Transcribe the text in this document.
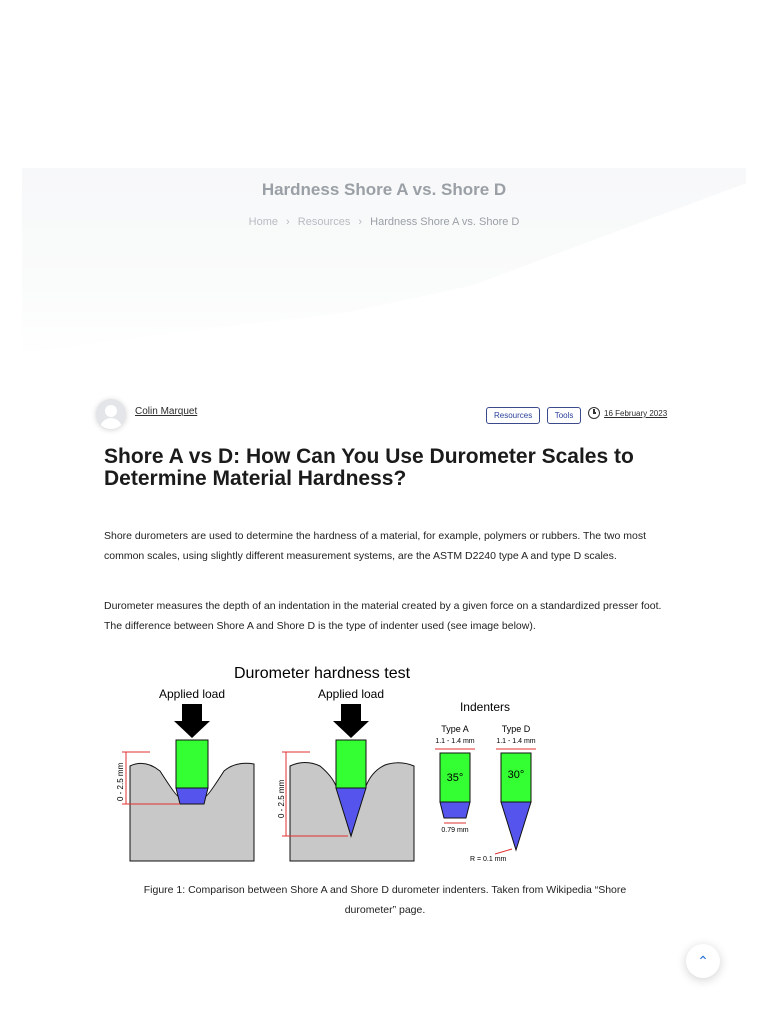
Hardness Shore A vs. Shore D
Home › Resources › Hardness Shore A vs. Shore D
Colin Marquet	Resources	Tools	16 February 2023
Shore A vs D: How Can You Use Durometer Scales to Determine Material Hardness?
Shore durometers are used to determine the hardness of a material, for example, polymers or rubbers. The two most common scales, using slightly different measurement systems, are the ASTM D2240 type A and type D scales.
Durometer measures the depth of an indentation in the material created by a given force on a standardized presser foot. The difference between Shore A and Shore D is the type of indenter used (see image below).
Durometer hardness test
Applied load	Applied load
Indenters
0 - 2.5 mm	0 - 2.5 mm
Type A
1.1 - 1.4 mm
35°
0.79 mm
Type D
1.1 - 1.4 mm
30°
R = 0.1 mm
Figure 1: Comparison between Shore A and Shore D durometer indenters. Taken from Wikipedia “Shore durometer” page.
⌃
